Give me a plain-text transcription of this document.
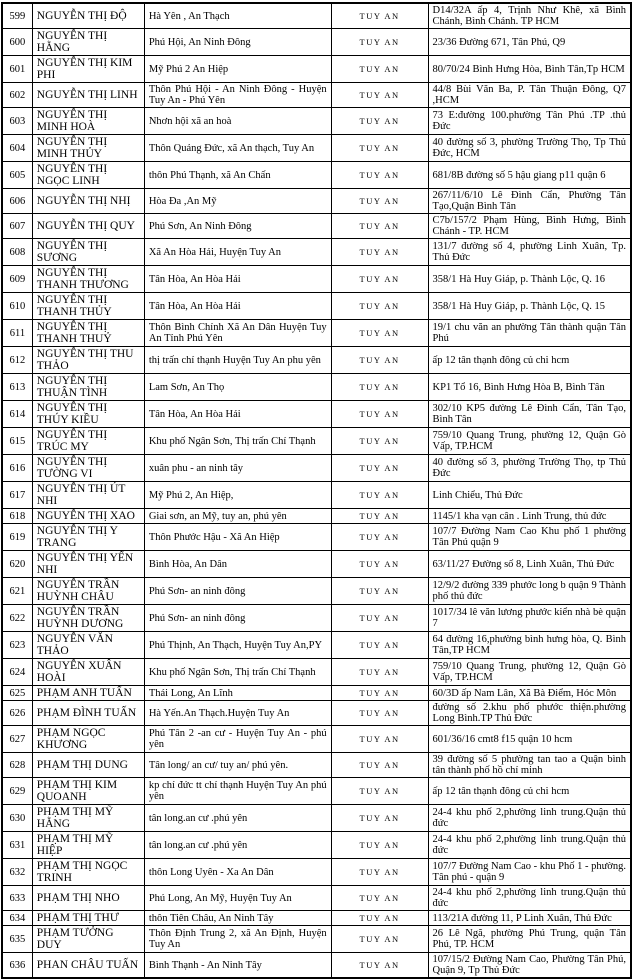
599	NGUYỄN THỊ ĐỘ	Hà Yên , An Thạch	TUY AN	D14/32A ấp 4, Trịnh Như Khê, xã Bình Chánh, Bình Chánh. TP HCM
600	NGUYỄN THỊ HẰNG	Phú Hội, An Ninh Đông	TUY AN	23/36 Đường 671, Tân Phú, Q9
601	NGUYỄN THỊ KIM PHI	Mỹ Phú 2 An Hiệp	TUY AN	80/70/24 Bình Hưng Hòa, Bình Tân,Tp HCM
602	NGUYỄN THỊ LINH	Thôn Phú Hội - An Ninh Đông - Huyện Tuy An - Phú Yên	TUY AN	44/8 Bùi Văn Ba, P. Tân Thuận Đông, Q7 ,HCM
603	NGUYỄN THỊ MINH HOÀ	Nhơn hội xã an hoà	TUY AN	73 E:đường 100.phường Tân Phú .TP .thủ Đức
604	NGUYỄN THỊ MINH THỦY	Thôn Quảng Đức, xã An thạch, Tuy An	TUY AN	40 đường số 3, phường Trường Thọ, Tp Thủ Đức, HCM
605	NGUYỄN THỊ NGỌC LINH	thôn Phú Thạnh, xã An Chấn	TUY AN	681/8B đường số 5 hậu giang p11 quận 6
606	NGUYỄN THỊ NHỊ	Hòa Đa ,An Mỹ	TUY AN	267/11/6/10 Lê Đình Cẩn, Phường Tân Tạo,Quận Bình Tân
607	NGUYỄN THỊ QUY	Phú Sơn, An Ninh Đông	TUY AN	C7b/157/2 Phạm Hùng, Bình Hưng, Bình Chánh - TP. HCM
608	NGUYỄN THỊ SƯƠNG	Xã An Hòa Hải, Huyện Tuy An	TUY AN	131/7 đường số 4, phường Linh Xuân, Tp. Thủ Đức
609	NGUYỄN THỊ THANH THƯƠNG	Tân Hòa, An Hòa Hải	TUY AN	358/1 Hà Huy Giáp, p. Thành Lộc, Q. 16
610	NGUYỄN THỊ THANH THỦY	Tân Hòa, An Hòa Hải	TUY AN	358/1 Hà Huy Giáp, p. Thành Lộc, Q. 15
611	NGUYỄN THỊ THANH THUỶ	Thôn Bình Chính Xã An Dân Huyện Tuy An Tỉnh Phú Yên	TUY AN	19/1 chu văn an phường Tân thành quận Tân Phú
612	NGUYỄN THỊ THU THẢO	thị trấn chí thạnh Huyện Tuy An phu yên	TUY AN	ấp 12 tân thạnh đông củ chi hcm
613	NGUYỄN THỊ THUẬN TÌNH	Lam Sơn, An Thọ	TUY AN	KP1 Tổ 16, Bình Hưng Hòa B, Bình Tân
614	NGUYỄN THỊ THÚY KIỀU	Tân Hòa, An Hòa Hải	TUY AN	302/10 KP5 đường Lê Đình Cẩn, Tân Tạo, Bình Tân
615	NGUYỄN THỊ TRÚC MY	Khu phố Ngân Sơn, Thị trấn Chí Thạnh	TUY AN	759/10 Quang Trung, phường 12, Quận Gò Vấp, TP.HCM
616	NGUYỄN THỊ TƯỜNG VI	xuân phu - an ninh tây	TUY AN	40 đường số 3, phường Trường Thọ, tp Thủ Đức
617	NGUYỄN THỊ ÚT NHI	Mỹ Phú 2, An Hiệp,	TUY AN	Linh Chiểu, Thủ Đức
618	NGUYỄN THỊ XAO	Giai sơn, an Mỹ, tuy an, phú yên	TUY AN	1145/1 kha vạn cân . Linh Trung, thủ đức
619	NGUYỄN THỊ Y TRANG	Thôn Phước Hậu - Xã An Hiệp	TUY AN	107/7 Đường Nam Cao Khu phố 1 phường Tân Phú quận 9
620	NGUYỄN THỊ YẾN NHI	Bình Hòa, An Dân	TUY AN	63/11/27 Đường số 8, Linh Xuân, Thủ Đức
621	NGUYỄN TRẦN HUỲNH CHÂU	Phú Sơn- an ninh đông	TUY AN	12/9/2 đường 339 phước long b quận 9 Thành phố thủ đức
622	NGUYỄN TRẦN HUỲNH DƯƠNG	Phú Sơn- an ninh đông	TUY AN	1017/34 lê văn lương phước kiển nhà bè quận 7
623	NGUYỄN VĂN THẢO	Phú Thịnh, An Thạch, Huyện Tuy An,PY	TUY AN	64 đường 16,phường bình hưng hòa, Q. Bình Tân,TP HCM
624	NGUYỄN XUÂN HOÀI	Khu phố Ngân Sơn, Thị trấn Chí Thạnh	TUY AN	759/10 Quang Trung, phường 12, Quận Gò Vấp, TP.HCM
625	PHẠM ANH TUẤN	Thái Long, An Lĩnh	TUY AN	60/3D ấp Nam Lân, Xã Bà Điểm, Hóc Môn
626	PHẠM ĐÌNH TUẤN	Hà Yến.An Thạch.Huyện Tuy An	TUY AN	đường số 2.khu phố phước thiện.phường Long Bình.TP Thủ Đức
627	PHẠM NGỌC KHƯƠNG	Phú Tân 2 -an cư - Huyện Tuy An - phú yên	TUY AN	601/36/16 cmt8 f15 quận 10 hcm
628	PHẠM THỊ DUNG	Tân long/ an cư/ tuy an/ phú yên.	TUY AN	39 đường số 5 phường tan tao a Quận bình tân thành phố hồ chí minh
629	PHẠM THỊ KIM QUOANH	kp chí đức tt chí thạnh Huyện Tuy An phú yên	TUY AN	ấp 12 tân thạnh đông củ chi hcm
630	PHẠM THỊ MỸ HẰNG	tân long.an cư .phú yên	TUY AN	24-4 khu phố 2,phường linh trung.Quận thủ đức
631	PHẠM THỊ MỸ HIỆP	tân long.an cư .phú yên	TUY AN	24-4 khu phố 2,phường linh trung.Quận thủ đức
632	PHẠM THỊ NGỌC TRINH	thôn Long Uyên - Xa An Dân	TUY AN	107/7 Đường Nam Cao - khu Phố 1 - phường. Tân phú - quận 9
633	PHẠM THỊ NHO	Phú Long, An Mỹ, Huyện Tuy An	TUY AN	24-4 khu phố 2,phường linh trung.Quận thủ đức
634	PHẠM THỊ THƯ	thôn Tiên Châu, An Ninh Tây	TUY AN	113/21A đường 11, P Linh Xuân, Thủ Đức
635	PHẠM TƯỞNG DUY	Thôn Định Trung 2, xã An Định, Huyện Tuy An	TUY AN	26 Lê Ngã, phường Phú Trung, quận Tân Phú, TP. HCM
636	PHAN CHÂU TUẤN	Bình Thạnh - An Ninh Tây	TUY AN	107/15/2 Đường Nam Cao, Phường Tân Phú, Quận 9, Tp Thủ Đức
